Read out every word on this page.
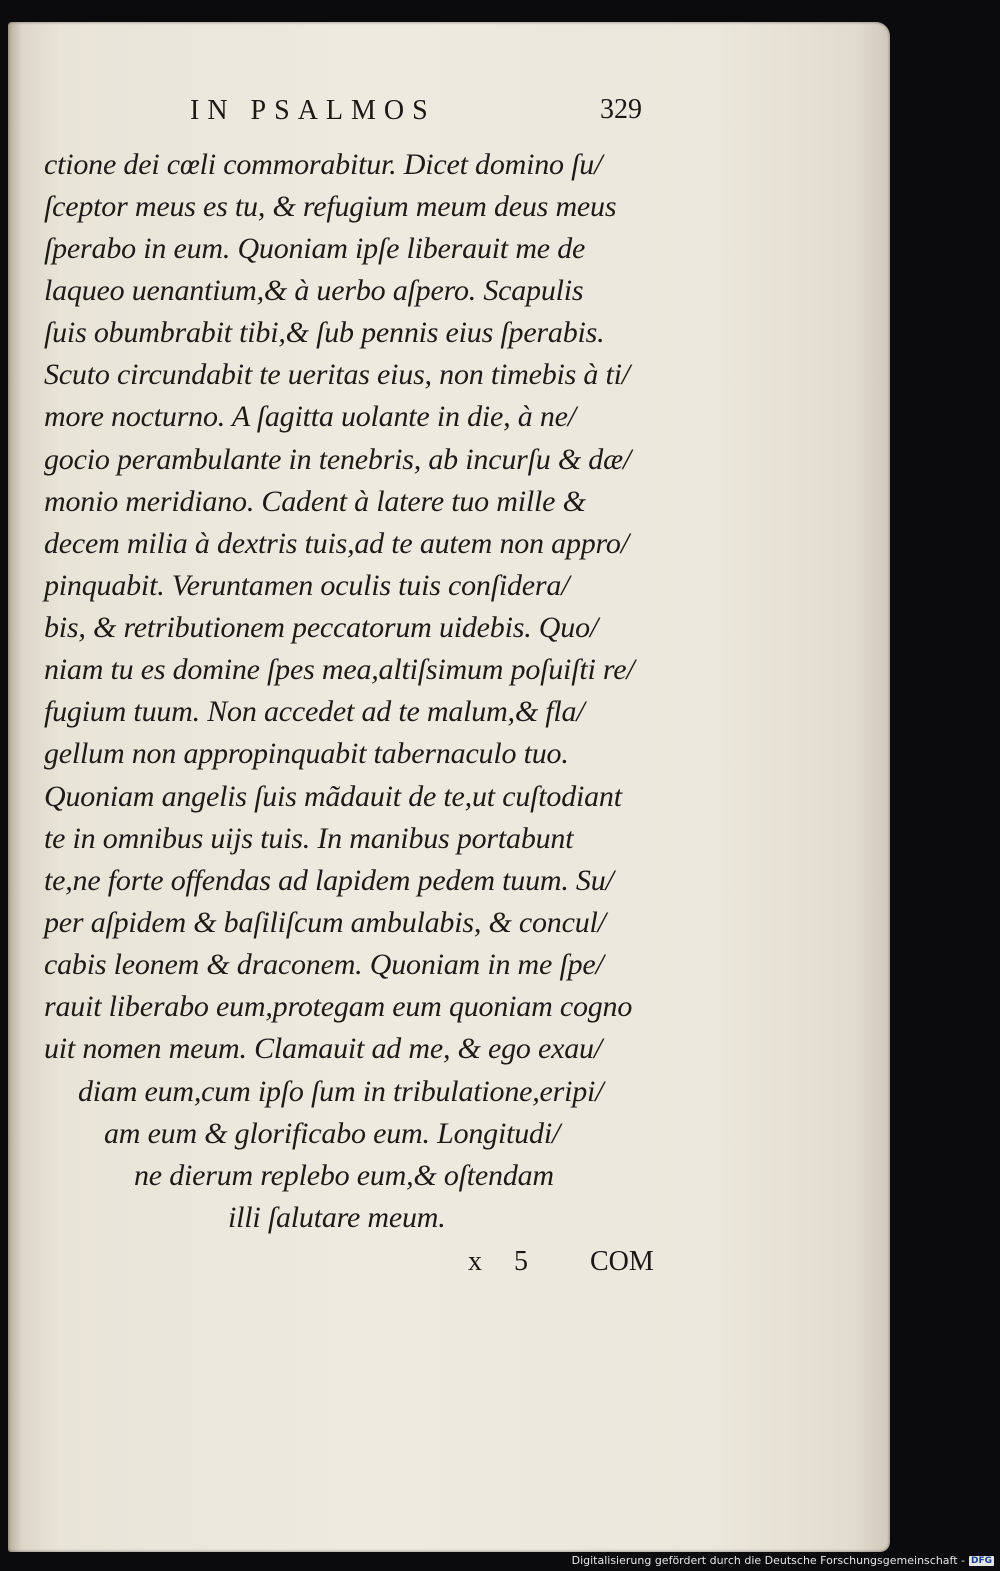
IN PSALMOS	329
ctione dei cœli commorabitur. Dicet domino ſu/
ſceptor meus es tu, & refugium meum deus meus
ſperabo in eum. Quoniam ipſe liberauit me de
laqueo uenantium,& à uerbo aſpero. Scapulis
ſuis obumbrabit tibi,& ſub pennis eius ſperabis.
Scuto circundabit te ueritas eius, non timebis à ti/
more nocturno. A ſagitta uolante in die, à ne/
gocio perambulante in tenebris, ab incurſu & dæ/
monio meridiano. Cadent à latere tuo mille &
decem milia à dextris tuis,ad te autem non appro/
pinquabit. Veruntamen oculis tuis conſidera/
bis, & retributionem peccatorum uidebis. Quo/
niam tu es domine ſpes mea,altiſsimum poſuiſti re/
fugium tuum. Non accedet ad te malum,& fla/
gellum non appropinquabit tabernaculo tuo.
Quoniam angelis ſuis mãdauit de te,ut cuſtodiant
te in omnibus uijs tuis. In manibus portabunt
te,ne forte offendas ad lapidem pedem tuum. Su/
per aſpidem & baſiliſcum ambulabis, & concul/
cabis leonem & draconem. Quoniam in me ſpe/
rauit liberabo eum,protegam eum quoniam cogno
uit nomen meum. Clamauit ad me, & ego exau/
diam eum,cum ipſo ſum in tribulatione,eripi/
am eum & glorificabo eum. Longitudi/
ne dierum replebo eum,& oſtendam
illi ſalutare meum.
x  5 COM
Digitalisierung gefördert durch die Deutsche Forschungsgemeinschaft - DFG
